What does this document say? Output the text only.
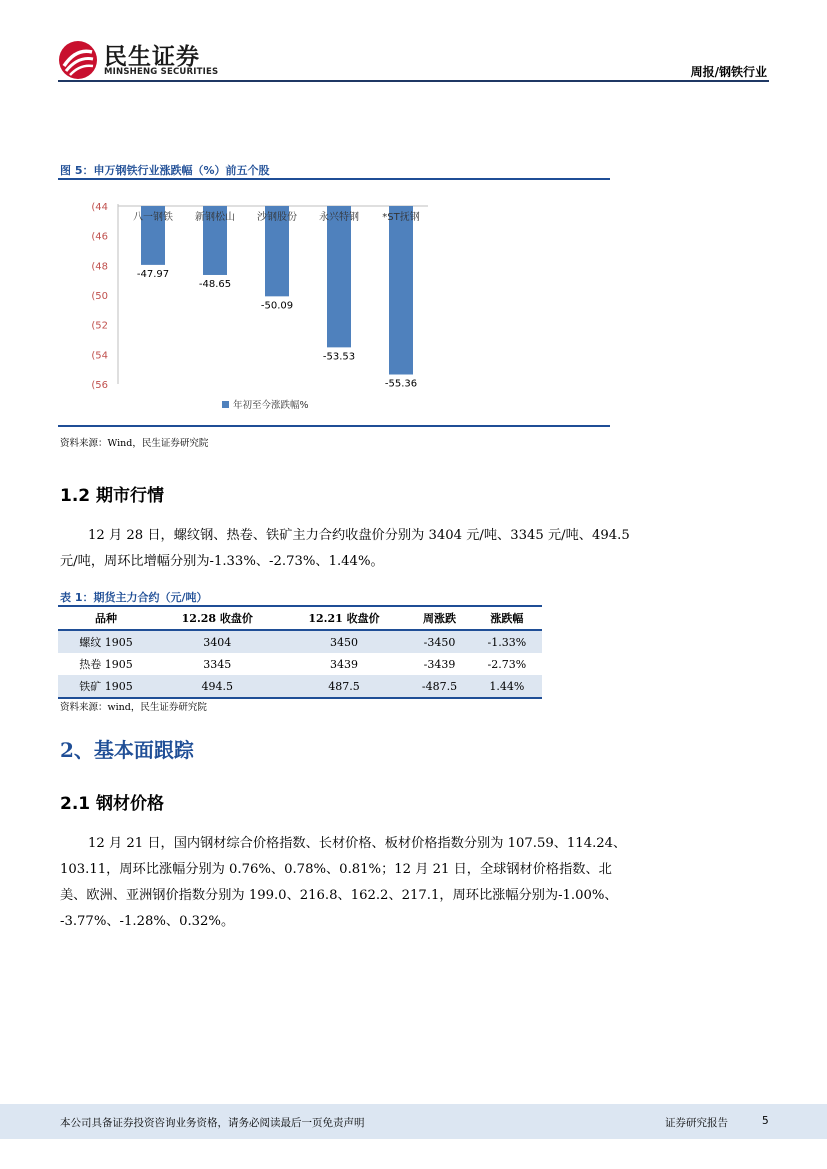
民生证券
MINSHENG SECURITIES	周报/钢铁行业
图 5：申万钢铁行业涨跌幅（%）前五个股
(44
(46
(48
(50
(52
(54
(56
-47.97
八一钢铁
-48.65
新钢松山
-50.09
沙钢股份
-53.53
永兴特钢
-55.36
*ST抚钢
年初至今涨跌幅%
资料来源：Wind，民生证券研究院
1.2 期市行情
12 月 28 日，螺纹钢、热卷、铁矿主力合约收盘价分别为 3404 元/吨、3345 元/吨、494.5
元/吨，周环比增幅分别为-1.33%、-2.73%、1.44%。
表 1：期货主力合约（元/吨）
品种	12.28 收盘价	12.21 收盘价	周涨跌	涨跌幅
螺纹 1905	3404	3450	-3450	-1.33%
热卷 1905	3345	3439	-3439	-2.73%
铁矿 1905	494.5	487.5	-487.5	1.44%
资料来源：wind，民生证券研究院
2、基本面跟踪
2.1 钢材价格
12 月 21 日，国内钢材综合价格指数、长材价格、板材价格指数分别为 107.59、114.24、
103.11，周环比涨幅分别为 0.76%、0.78%、0.81%；12 月 21 日，全球钢材价格指数、北
美、欧洲、亚洲钢价指数分别为 199.0、216.8、162.2、217.1，周环比涨幅分别为-1.00%、
-3.77%、-1.28%、0.32%。
本公司具备证券投资咨询业务资格，请务必阅读最后一页免责声明	证券研究报告	5
